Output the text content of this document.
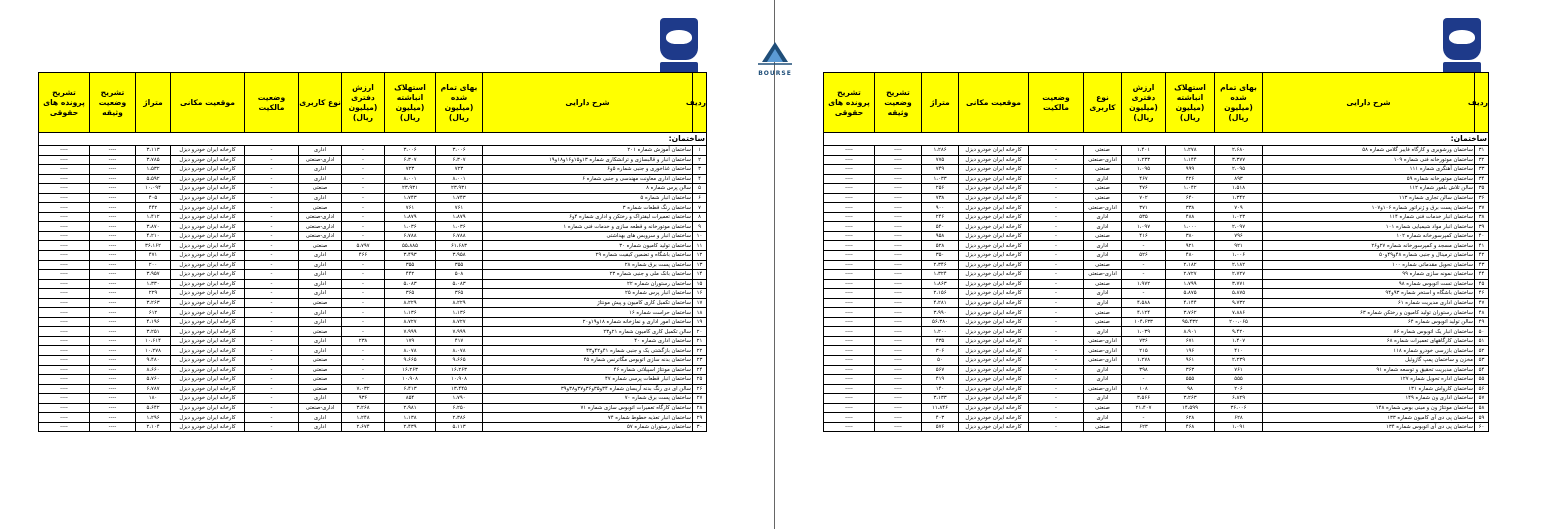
ردیف	شرح دارایی	بهای تمام شده (میلیون ریال)	استهلاک انباشته (میلیون ریال)	ارزش دفتری (میلیون ریال)	نوع کاربری	وضعیت مالکیت	موقعیت مکانی	متراژ	تشریح وضعیت وثیقه	تشریح پرونده های حقوقی
ساختمان:										
۱	ساختمان آموزش شماره ۲۰۱	۳،۰۰۶	۳،۰۰۶	-	اداری	-	کارخانه ایران خودرو دیزل	۳،۱۱۳	----	----
۲	ساختمان انبار و قالبسازی و ترانشکاری شماره ۱۳و۱۵و۱۶و۱۸و۱۹	۶،۳۰۷	۶،۳۰۷	-	اداری-صنعتی	-	کارخانه ایران خودرو دیزل	۳،۷۸۵	----	----
۳	ساختمان غذاخوری و جنبی شماره ۵و۶	۷۲۳	۷۲۳	-	اداری	-	کارخانه ایران خودرو دیزل	۱،۵۳۲	----	----
۴	ساختمان اداری معاونت مهندسی و جنبی شماره ۶	۸،۰۰۱	۸،۰۰۱	-	اداری	-	کارخانه ایران خودرو دیزل	۵،۵۹۲	----	----
۵	سالن پرس شماره ۸	۲۳،۹۳۱	۲۳،۹۳۱	-	صنعتی	-	کارخانه ایران خودرو دیزل	۱۰،۰۹۴	----	----
۶	ساختمان انبار شماره ۵	۱،۷۴۳	۱،۷۴۳	-	اداری	-	کارخانه ایران خودرو دیزل	۴۰۵	----	----
۷	ساختمان رنگ قطعات شماره ۳	۷۶۱	۷۶۱	-	صنعتی	-	کارخانه ایران خودرو دیزل	۴۴۲	----	----
۸	ساختمان تعمیرات لیفتراک و رختکن و اداری شماره ۴و۶	۱،۸۷۹	۱،۸۷۹	-	اداری-صنعتی	-	کارخانه ایران خودرو دیزل	۱،۴۱۲	----	----
۹	ساختمان موتورخانه و قطعه سازی و خدمات فنی شماره ۱	۱،۰۳۶	۱،۰۳۶	-	اداری-صنعتی	-	کارخانه ایران خودرو دیزل	۳،۸۷۰	----	----
۱۰	ساختمان انبار و سرویس های بهداشتی	۶،۷۸۸	۶،۷۸۸	-	اداری-صنعتی	-	کارخانه ایران خودرو دیزل	۴،۲۱۰	----	----
۱۱	ساختمان تولید کامیون شماره ۳۰	۶۱،۶۸۳	۵۵،۸۸۵	۵،۷۹۷	صنعتی	-	کارخانه ایران خودرو دیزل	۳۶،۱۶۲	----	----
۱۲	ساختمان باشگاه و تضمین کیفیت شماره ۲۹	۳،۹۵۸	۳،۴۹۳	۴۶۶	اداری	-	کارخانه ایران خودرو دیزل	۴۷۱	----	----
۱۳	ساختمان پست برق شماره ۲۸	۳۵۵	۳۵۵	-	اداری	-	کارخانه ایران خودرو دیزل	۲۰۰	----	----
۱۴	ساختمان بانک ملی و جنبی شماره ۲۳	۵۰۸	۴۴۲	-	اداری	-	کارخانه ایران خودرو دیزل	۳،۹۵۷	----	----
۱۵	ساختمان رستوران شماره ۲۲	۵،۰۸۳	۵،۰۸۳	-	اداری	-	کارخانه ایران خودرو دیزل	۱،۳۳۰	----	----
۱۶	ساختمان انبار پرس شماره ۲۵	۳۶۵	۳۶۵	-	اداری	-	کارخانه ایران خودرو دیزل	۲۲۹	----	----
۱۷	ساختمان تکمیل کاری کامیون و پیش مونتاژ	۸،۲۲۹	۸،۲۲۹	-	صنعتی	-	کارخانه ایران خودرو دیزل	۳،۲۶۳	----	----
۱۸	ساختمان حراست شماره ۱۶	۱،۱۳۶	۱،۱۳۶	-	اداری	-	کارخانه ایران خودرو دیزل	۶۱۲	----	----
۱۹	ساختمان امور اداری و نمازخانه شماره ۱۸و۱۹و۲۰	۸،۷۲۷	۸،۷۲۷	-	اداری	-	کارخانه ایران خودرو دیزل	۴،۱۹۶	----	----
۲۰	سالن تکمیل کاری کامیون شماره ۲۱و۲۳	۷،۹۹۹	۷،۹۹۹	-	صنعتی	-	کارخانه ایران خودرو دیزل	۳،۲۵۱	----	----
۲۱	ساختمان اداری شماره ۴۰	۴۱۷	۱۷۹	۲۳۸	اداری	-	کارخانه ایران خودرو دیزل	۱۰،۶۱۴	----	----
۲۲	ساختمان بازگشتی یک و جنبی شماره ۴۱و۴۲و۴۳	۸،۰۷۸	۸،۰۷۸	-	اداری	-	کارخانه ایران خودرو دیزل	۱۰،۲۷۸	----	----
۲۳	ساختمان بدنه سازی اتوبوس مگاترنس شماره ۴۵	۹،۶۶۵	۹،۶۶۵	-	صنعتی	-	کارخانه ایران خودرو دیزل	۹،۴۸۰	----	----
۲۴	ساختمان مونتاژ اسپیلاتی شماره ۴۶	۱۶،۲۶۳	۱۶،۲۶۳	-	صنعتی	-	کارخانه ایران خودرو دیزل	۸،۶۶۰	----	----
۲۵	ساختمان انبار قطعات پرسی شماره ۴۷	۱۰،۹۰۸	۱۰،۹۰۸	-	صنعتی	-	کارخانه ایران خودرو دیزل	۵،۷۶۰	----	----
۲۶	سالن ای دی رنگ بدنه آریسان شماره ۳۴و۳۵و۳۶و۳۷و۳۸و۳۹	۱۳،۴۴۵	۶،۴۱۳	۷،۰۳۲	صنعتی	-	کارخانه ایران خودرو دیزل	۶،۷۸۷	----	----
۲۷	ساختمان پست برق شماره ۷۰	۱،۷۹۰	۸۵۴	۹۳۶	اداری	-	کارخانه ایران خودرو دیزل	۱۸۰	----	----
۲۸	ساختمان کارگاه تعمیرات اتوبوس سازی شماره ۷۱	۶،۲۵۰	۲،۹۸۱	۳،۲۶۸	اداری-صنعتی	-	کارخانه ایران خودرو دیزل	۵،۶۴۲	----	----
۲۹	ساختمان انبار تعذیه خطوط شماره ۷۴	۲،۳۸۶	۱،۱۳۸	۱،۲۴۸	اداری	-	کارخانه ایران خودرو دیزل	۱،۲۹۶	----	----
۳۰	ساختمان رستوران شماره ۵۷	۵،۱۱۳	۲،۴۳۹	۲،۶۷۴	اداری	-	کارخانه ایران خودرو دیزل	۲،۱۰۴	----	----
BOURSE
ردیف	شرح دارایی	بهای تمام شده (میلیون ریال)	استهلاک انباشته (میلیون ریال)	ارزش دفتری (میلیون ریال)	نوع کاربری	وضعیت مالکیت	موقعیت مکانی	متراژ	تشریح وضعیت وثیقه	تشریح پرونده های حقوقی
ساختمان:										
۳۱	ساختمان ورشویری و کارگاه فایبر گلاس شماره ۵۸	۲،۶۸۰	۱،۲۷۸	۱،۴۰۱	صنعتی	-	کارخانه ایران خودرو دیزل	۱،۲۸۶	----	----
۳۲	ساختمان موتورخانه فنی شماره ۱۰۹	۳،۳۷۷	۱،۱۴۴	۱،۲۳۳	اداری-صنعتی	-	کارخانه ایران خودرو دیزل	۷۷۵	----	----
۳۳	ساختمان آهنگری شماره ۱۱۱	۲،۰۹۵	۹۹۹	۱،۰۹۵	صنعتی	-	کارخانه ایران خودرو دیزل	۷۴۹	----	----
۳۴	ساختمان موتورخانه شماره ۵۹	۸۹۳	۴۲۶	۴۶۷	اداری	-	کارخانه ایران خودرو دیزل	۱،۰۳۳	----	----
۳۵	سالن تلاش بلغور شماره ۱۱۲	۱،۵۱۸	۱،۰۴۲	۴۷۶	صنعتی	-	کارخانه ایران خودرو دیزل	۲۵۶	----	----
۳۶	ساختمان سالن تجاری شماره ۱۱۳	۱،۳۴۲	۶۴۰	۷۰۲	صنعتی	-	کارخانه ایران خودرو دیزل	۷۳۸	----	----
۳۷	ساختمان پست برق و ژنراتور شماره ۱۰۶و۱۰۷	۷۰۹	۳۳۸	۳۷۱	اداری-صنعتی	-	کارخانه ایران خودرو دیزل	۹۰۰	----	----
۳۸	ساختمان انبار خدمات فنی شماره ۱۱۴	۱،۰۲۳	۴۸۸	۵۳۵	اداری	-	کارخانه ایران خودرو دیزل	۲۴۶	----	----
۳۹	ساختمان انبار مواد شیمیایی شماره ۱۰۱	۲،۰۹۷	۱،۰۰۰	۱،۰۹۷	اداری	-	کارخانه ایران خودرو دیزل	۵۴۰	----	----
۴۰	ساختمان کمپرسورخانه شماره ۱۰۲	۷۹۶	۳۸۰	۴۱۶	صنعتی	-	کارخانه ایران خودرو دیزل	۹۵۸	----	----
۴۱	ساختمان مسجد و کمپرسورخانه شماره ۲۷و۲۶	۹۲۱	۹۲۱	-	اداری	-	کارخانه ایران خودرو دیزل	۵۲۸	----	----
۴۲	ساختمان ترمینال و جنبی شماره ۴۸و۴۹و۵۰	۱،۰۰۶	۴۸۰	۵۲۶	اداری	-	کارخانه ایران خودرو دیزل	۳۵۰	----	----
۴۳	ساختمان تحویل مقدماتی شماره ۱۰۰	۲،۱۸۲	۲،۱۸۲	-	صنعتی	-	کارخانه ایران خودرو دیزل	۲،۳۴۶	----	----
۴۴	ساختمان نمونه سازی شماره ۹۹	۲،۷۲۷	۲،۷۲۷	-	اداری-صنعتی	-	کارخانه ایران خودرو دیزل	۱،۳۲۴	----	----
۴۵	ساختمان تست اتوبوس شماره ۹۸	۳،۷۷۱	۱،۷۹۹	۱،۹۷۲	صنعتی	-	کارخانه ایران خودرو دیزل	۱،۸۶۳	----	----
۴۶	ساختمان باشگاه و استخر شماره ۹۳و۹۴	۵،۸۷۵	۵،۸۷۵	-	اداری	-	کارخانه ایران خودرو دیزل	۲،۱۵۶	----	----
۴۷	ساختمان اداری مدیریت شماره ۶۱	۹،۷۳۲	۴،۱۴۴	۴،۵۸۸	اداری	-	کارخانه ایران خودرو دیزل	۴،۲۸۱	----	----
۴۸	ساختمان رستوران تولید کامیون و رختکن شماره ۶۳	۷،۸۸۶	۳،۷۶۲	۴،۱۲۴	صنعتی	-	کارخانه ایران خودرو دیزل	۳،۹۹۰	----	----
۴۹	سالن تولید اتوبوس شماره ۶۴	۲۰۰،۰۶۵	۹۵،۴۳۲	۱۰۴،۶۳۳	صنعتی	-	کارخانه ایران خودرو دیزل	۵۶،۳۸۰	----	----
۵۰	ساختمان انبار یک اتوبوس شماره ۸۶	۹،۴۲۰	۸،۹۰۱	۱،۰۳۹	اداری	-	کارخانه ایران خودرو دیزل	۱،۲۰۰	----	----
۵۱	ساختمان کارگاههای تعمیرات شماره ۶۸	۱،۴۰۷	۶۷۱	۷۳۶	اداری-صنعتی	-	کارخانه ایران خودرو دیزل	۴۳۵	----	----
۵۲	ساختمان بازرسی خودرو شماره ۱۱۸	۴۱۰	۱۹۶	۲۱۵	اداری-صنعتی	-	کارخانه ایران خودرو دیزل	۳۰۶	----	----
۵۳	مخزن و ساختمان پمپ گازوئیل	۲،۲۳۹	۹۶۱	۱،۲۷۸	اداری-صنعتی	-	کارخانه ایران خودرو دیزل	۵۰	----	----
۵۴	ساختمان مدیریت تحقیق و توسعه شماره ۹۱	۷۶۱	۳۶۳	۳۹۸	اداری	-	کارخانه ایران خودرو دیزل	۵۶۷	----	----
۵۵	ساختمان اداره تحویل شماره ۱۲۷	۵۵۵	۵۵۵	-	اداری	-	کارخانه ایران خودرو دیزل	۴۱۹	----	----
۵۶	ساختمان کارواش شماره ۱۳۱	۲۰۶	۹۸	۱۰۸	اداری-صنعتی	-	کارخانه ایران خودرو دیزل	۱۴۰	----	----
۵۷	ساختمان اداری ون شماره ۱۴۹	۶،۸۲۹	۳،۲۶۳	۳،۵۶۶	اداری	-	کارخانه ایران خودرو دیزل	۳،۱۳۳	----	----
۵۸	ساختمان مونتاژ ون و مینی بوس شماره ۱۴۸	۳۶،۰۰۶	۱۴،۵۹۹	۲۱،۴۰۷	صنعتی	-	کارخانه ایران خودرو دیزل	۱۱،۸۴۶	----	----
۵۹	ساختمان پی دی آی کامیون شماره ۱۳۳	۶۲۸	۶۲۸	-	اداری	-	کارخانه ایران خودرو دیزل	۴۰۳	----	----
۶۰	ساختمان پی دی آی اتوبوس شماره ۱۳۴	۱،۰۹۱	۴۶۸	۶۲۳	صنعتی	-	کارخانه ایران خودرو دیزل	۵۷۶	----	----
